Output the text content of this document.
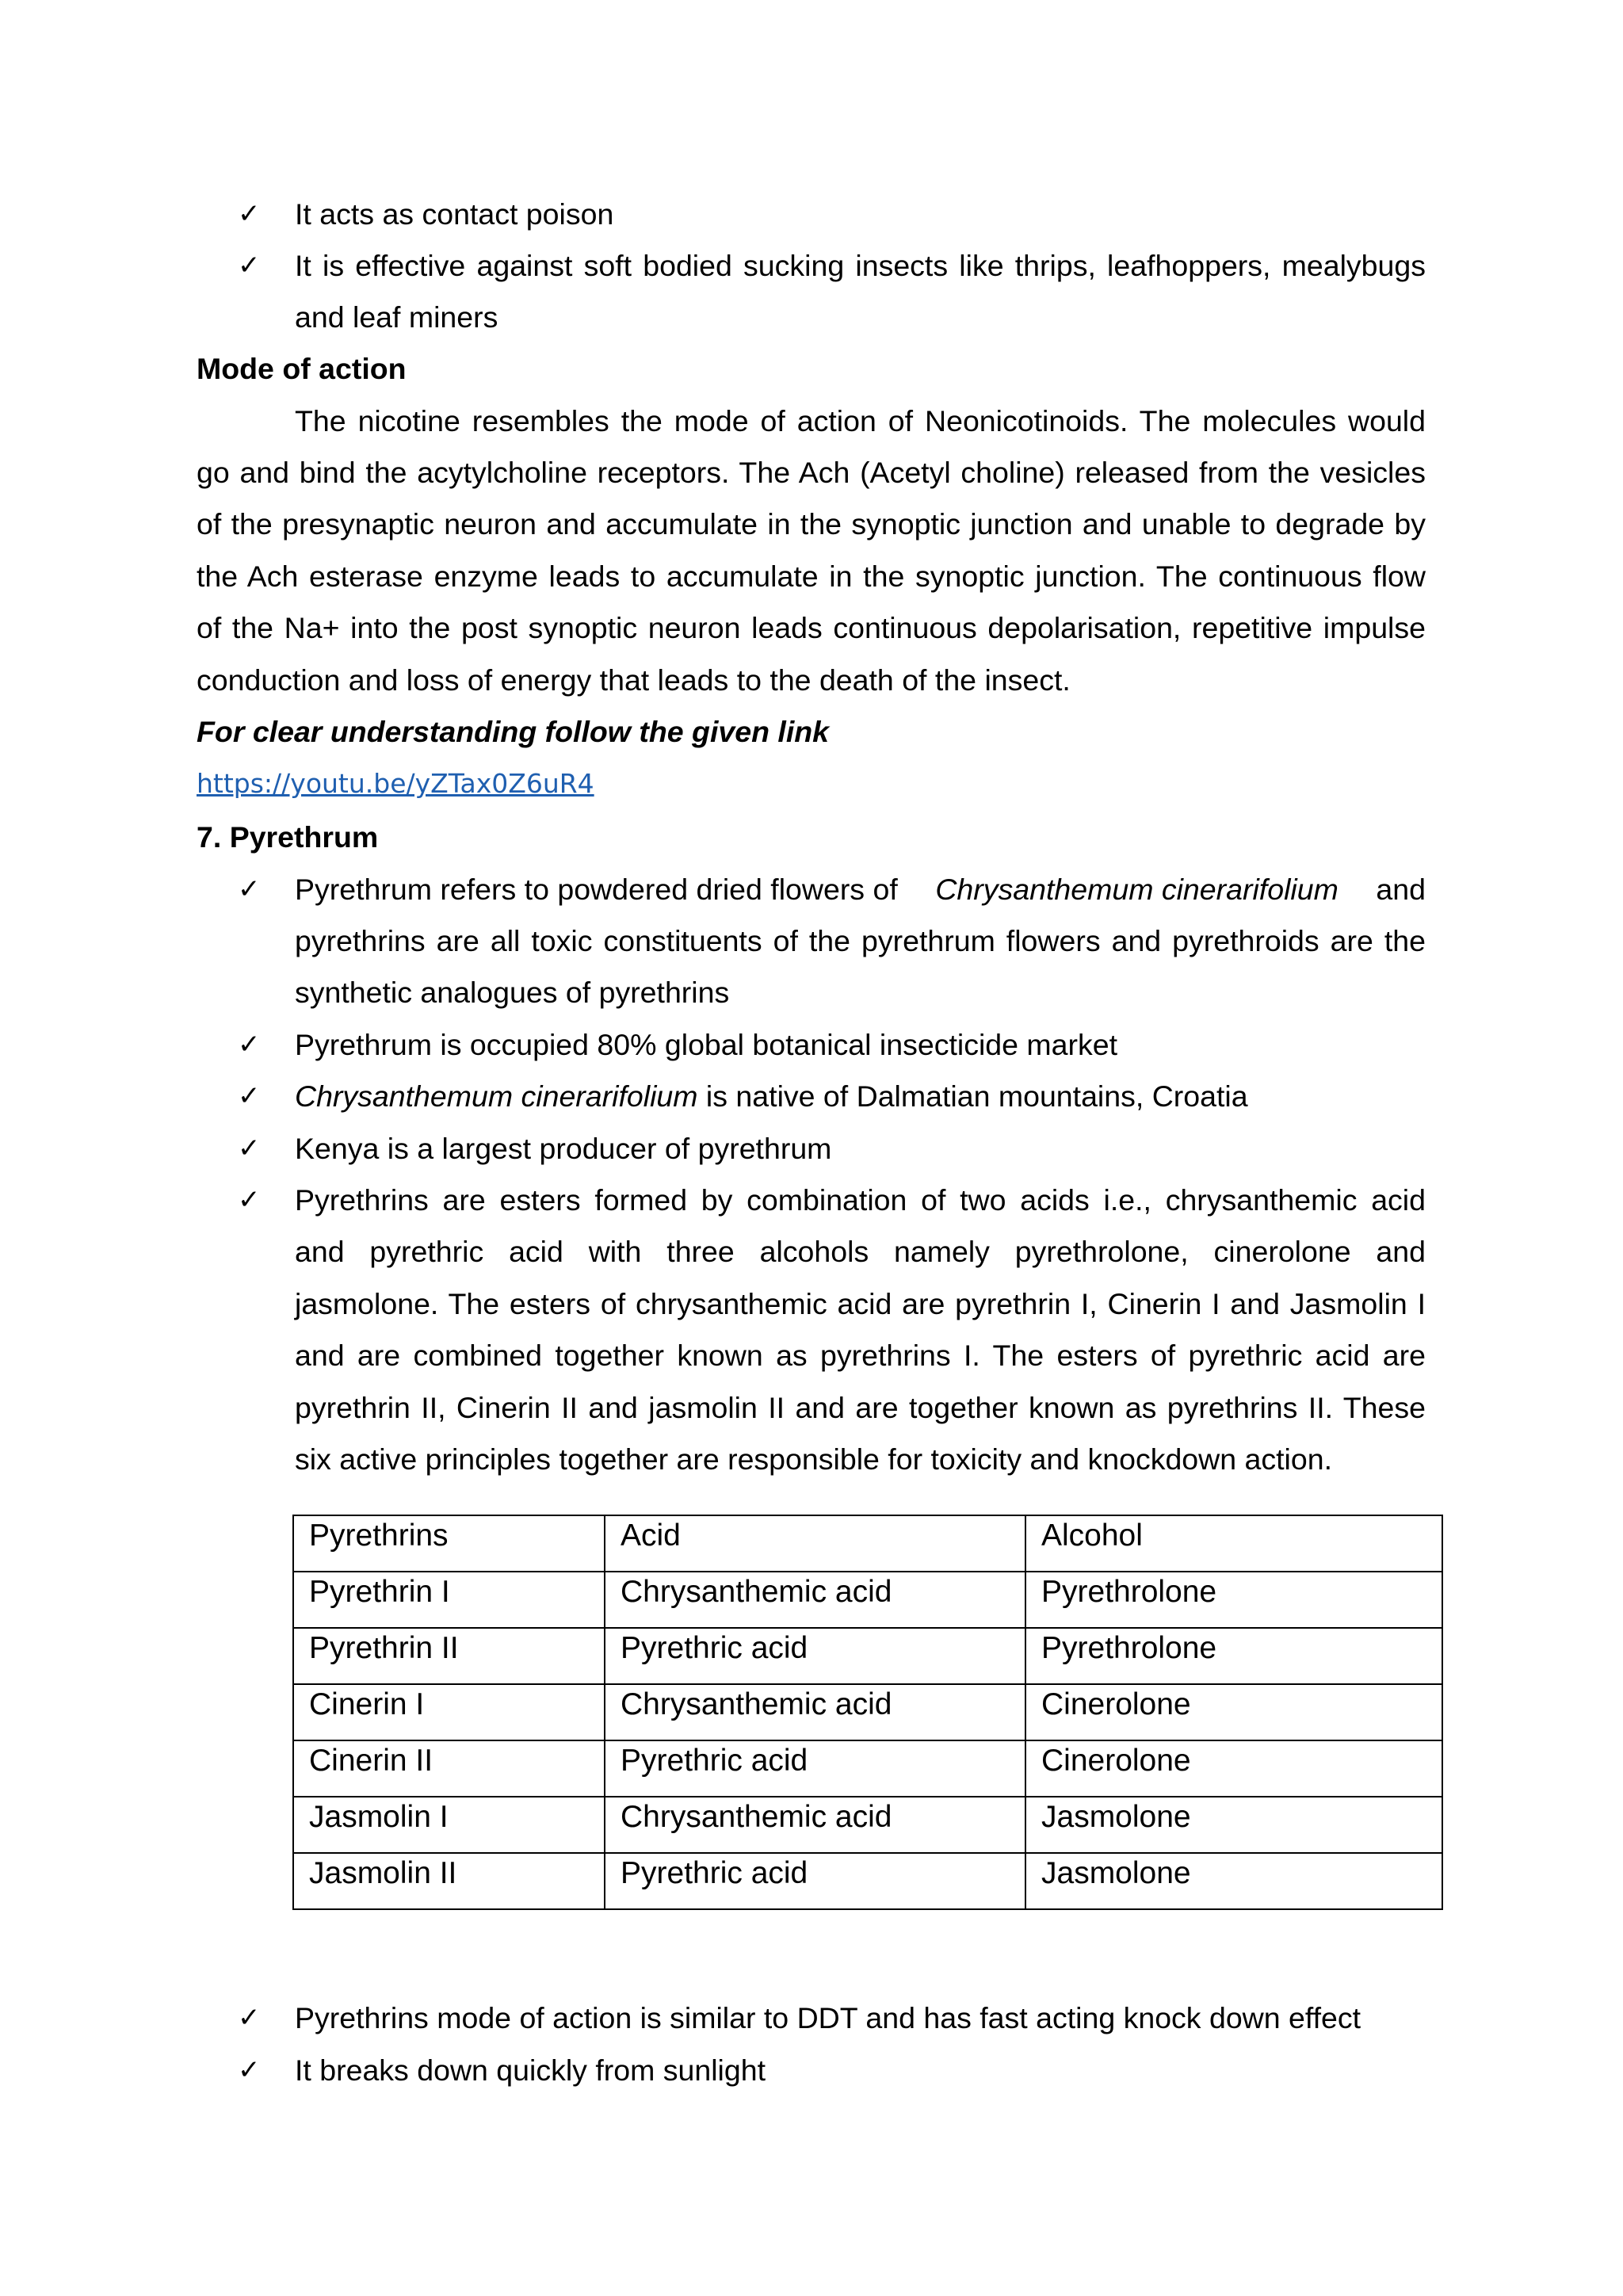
✓	It acts as contact poison
✓	It is effective against soft bodied sucking insects like thrips, leafhoppers, mealybugs
and leaf miners
Mode of action
The nicotine resembles the mode of action of Neonicotinoids. The molecules would
go and bind the acytylcholine receptors. The Ach (Acetyl choline) released from the vesicles
of the presynaptic neuron and accumulate in the synoptic junction and unable to degrade by
the Ach esterase enzyme leads to accumulate in the synoptic junction. The continuous flow
of the Na+ into the post synoptic neuron leads continuous depolarisation, repetitive impulse
conduction and loss of energy that leads to the death of the insect.
For clear understanding follow the given link
https://youtu.be/yZTax0Z6uR4
7. Pyrethrum
✓	Pyrethrum refers to powdered dried flowers of Chrysanthemum cinerarifolium and
pyrethrins are all toxic constituents of the pyrethrum flowers and pyrethroids are the
synthetic analogues of pyrethrins
✓	Pyrethrum is occupied 80% global botanical insecticide market
✓	Chrysanthemum cinerarifolium is native of Dalmatian mountains, Croatia
✓	Kenya is a largest producer of pyrethrum
✓	Pyrethrins are esters formed by combination of two acids i.e., chrysanthemic acid
and pyrethric acid with three alcohols namely pyrethrolone, cinerolone and
jasmolone. The esters of chrysanthemic acid are pyrethrin I, Cinerin I and Jasmolin I
and are combined together known as pyrethrins I. The esters of pyrethric acid are
pyrethrin II, Cinerin II and jasmolin II and are together known as pyrethrins II. These
six active principles together are responsible for toxicity and knockdown action.
Pyrethrins	Acid	Alcohol
Pyrethrin I	Chrysanthemic acid	Pyrethrolone
Pyrethrin II	Pyrethric acid	Pyrethrolone
Cinerin I	Chrysanthemic acid	Cinerolone
Cinerin II	Pyrethric acid	Cinerolone
Jasmolin I	Chrysanthemic acid	Jasmolone
Jasmolin II	Pyrethric acid	Jasmolone
✓	Pyrethrins mode of action is similar to DDT and has fast acting knock down effect
✓	It breaks down quickly from sunlight
